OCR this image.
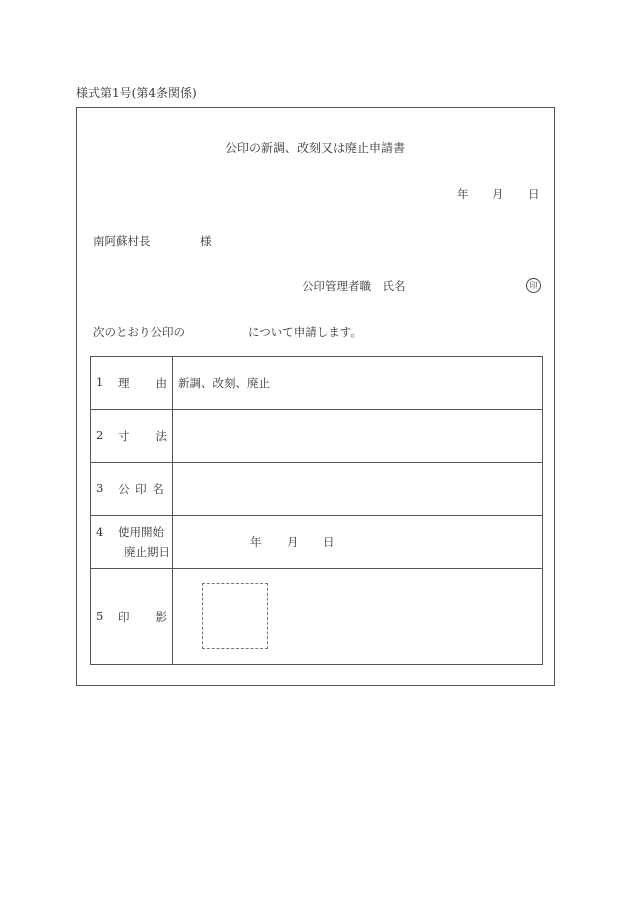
様式第1号(第4条関係)
公印の新調、改刻又は廃止申請書
年 月 日
南阿蘇村長	様
公印管理者職　氏名	印
次のとおり公印の	について申請します。
1 理 由	新調、改刻、廃止

2 寸 法	

3 公 印 名	

4 使用開始
廃止期日	年 月 日

5 印 影	
